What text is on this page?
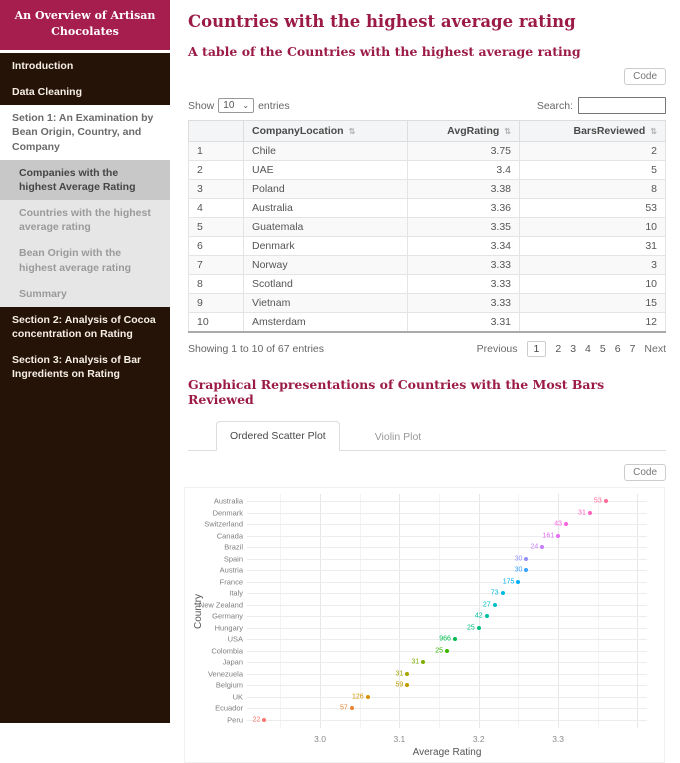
An Overview of Artisan Chocolates
Introduction
Data Cleaning
Setion 1: An Examination by Bean Origin, Country, and Company
Companies with the highest Average Rating
Countries with the highest average rating
Bean Origin with the highest average rating
Summary
Section 2: Analysis of Cocoa concentration on Rating
Section 3: Analysis of Bar Ingredients on Rating
Countries with the highest average rating
A table of the Countries with the highest average rating
Code
Show 10 ⌄ entries	Search:

	CompanyLocation ⇅	AvgRating ⇅	BarsReviewed ⇅

1	Chile	3.75	2
2	UAE	3.4	5
3	Poland	3.38	8
4	Australia	3.36	53
5	Guatemala	3.35	10
6	Denmark	3.34	31
7	Norway	3.33	3
8	Scotland	3.33	10
9	Vietnam	3.33	15
10	Amsterdam	3.31	12
Showing 1 to 10 of 67 entries	Previous	1	2 3 4 5 6 7 Next
Graphical Representations of Countries with the Most Bars Reviewed
Ordered Scatter Plot	Violin Plot
Code
Australia
Denmark
Switzerland
Canada
Brazil
Spain
Austria
France
Italy
New Zealand
Germany
Hungary
USA
Colombia
Japan
Venezuela
Belgium
UK
Ecuador
Peru
53
31
43
161
24
30
30
175
73
27
42
25
966
25
31
31
59
126
57
22
3.0	3.1	3.2	3.3
Average Rating
Country
